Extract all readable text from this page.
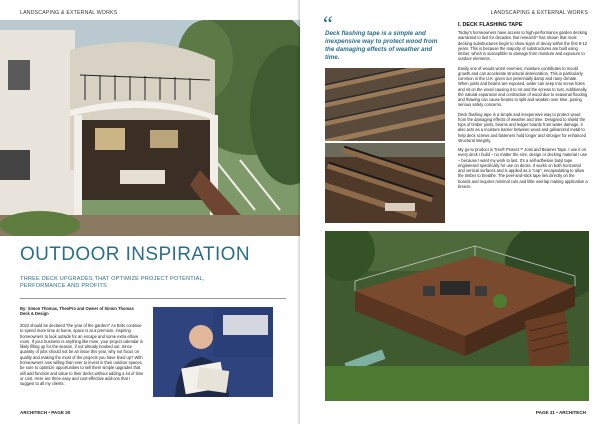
LANDSCAPING & EXTERNAL WORKS
OUTDOOR INSPIRATION
THREE DECK UPGRADES THAT OPTIMIZE PROJECT POTENTIAL, PERFORMANCE AND PROFITS
By: Simon Thomas, TheoPro and Owner of Simon Thomas Deck & Design
2022 should be declared "the year of the garden!" As Brits continue to spend more time at home, space is at a premium, inspiring homeowners to look outside for an escape and some extra elbow room. If your business is anything like mine, your project calendar is likely filling up for the season, if not already booked out. Since quantity of jobs should not be an issue this year, why not focus on quality and making the most of the projects you have lined up? With homeowners now willing than ever to invest in their outdoor spaces, be sure to optimize opportunities to sell them simple upgrades that will add function and value to their decks without adding a lot of time or cost. Here are three easy and cost-effective add-ons that I suggest to all my clients:
ARCHITECH • PAGE 30
LANDSCAPING & EXTERNAL WORKS
“
Deck flashing tape is a simple and inexpensive way to protect wood from the damaging effects of weather and time.
I. DECK FLASHING TAPE

Today's homeowners have access to high-performance garden decking warranted to last for decades. But research* has shown that most decking substructures begin to show signs of decay within the first 8-12 years. This is because the majority of substructures are built using timber, which is susceptible to damage from moisture and exposure to outdoor elements.

Easily one of woods worst enemies, moisture contributes to mould growth and can accelerate structural deterioration. This is particularly common in the U.K. given our perennially damp and rainy climate. When joists and beams are exposed, water can seep into screw holes and sit on the wood causing it to rot and the screws to rust. Additionally, the natural expansion and contraction of wood due to seasonal flooding and thawing can cause beams to split and weaken over time, posing serious safety concerns.

Deck flashing tape is a simple and inexpensive way to protect wood from the damaging effects of weather and time. Designed to shield the tops of timber joists, beams and ledger boards from water damage, it also acts as a moisture barrier between wood and galvanized metal to help deck screws and fasteners hold longer and stronger for enhanced structural integrity.

My go-to product is Trex® Protect™ Joist and Beamer Tape. I use it on every deck I build – no matter the size, design or decking material I use – because I want my work to last. It's a self-adhesive butyl tape engineered specifically for use on decks. It works on both horizontal and vertical surfaces and is applied as a "cap", encapsulating to allow the timber to breathe. The peel-and-stick tape lies directly on the boards and requires minimal cuts and little overlap making application a breeze.

PAGE 31 • ARCHITECH
